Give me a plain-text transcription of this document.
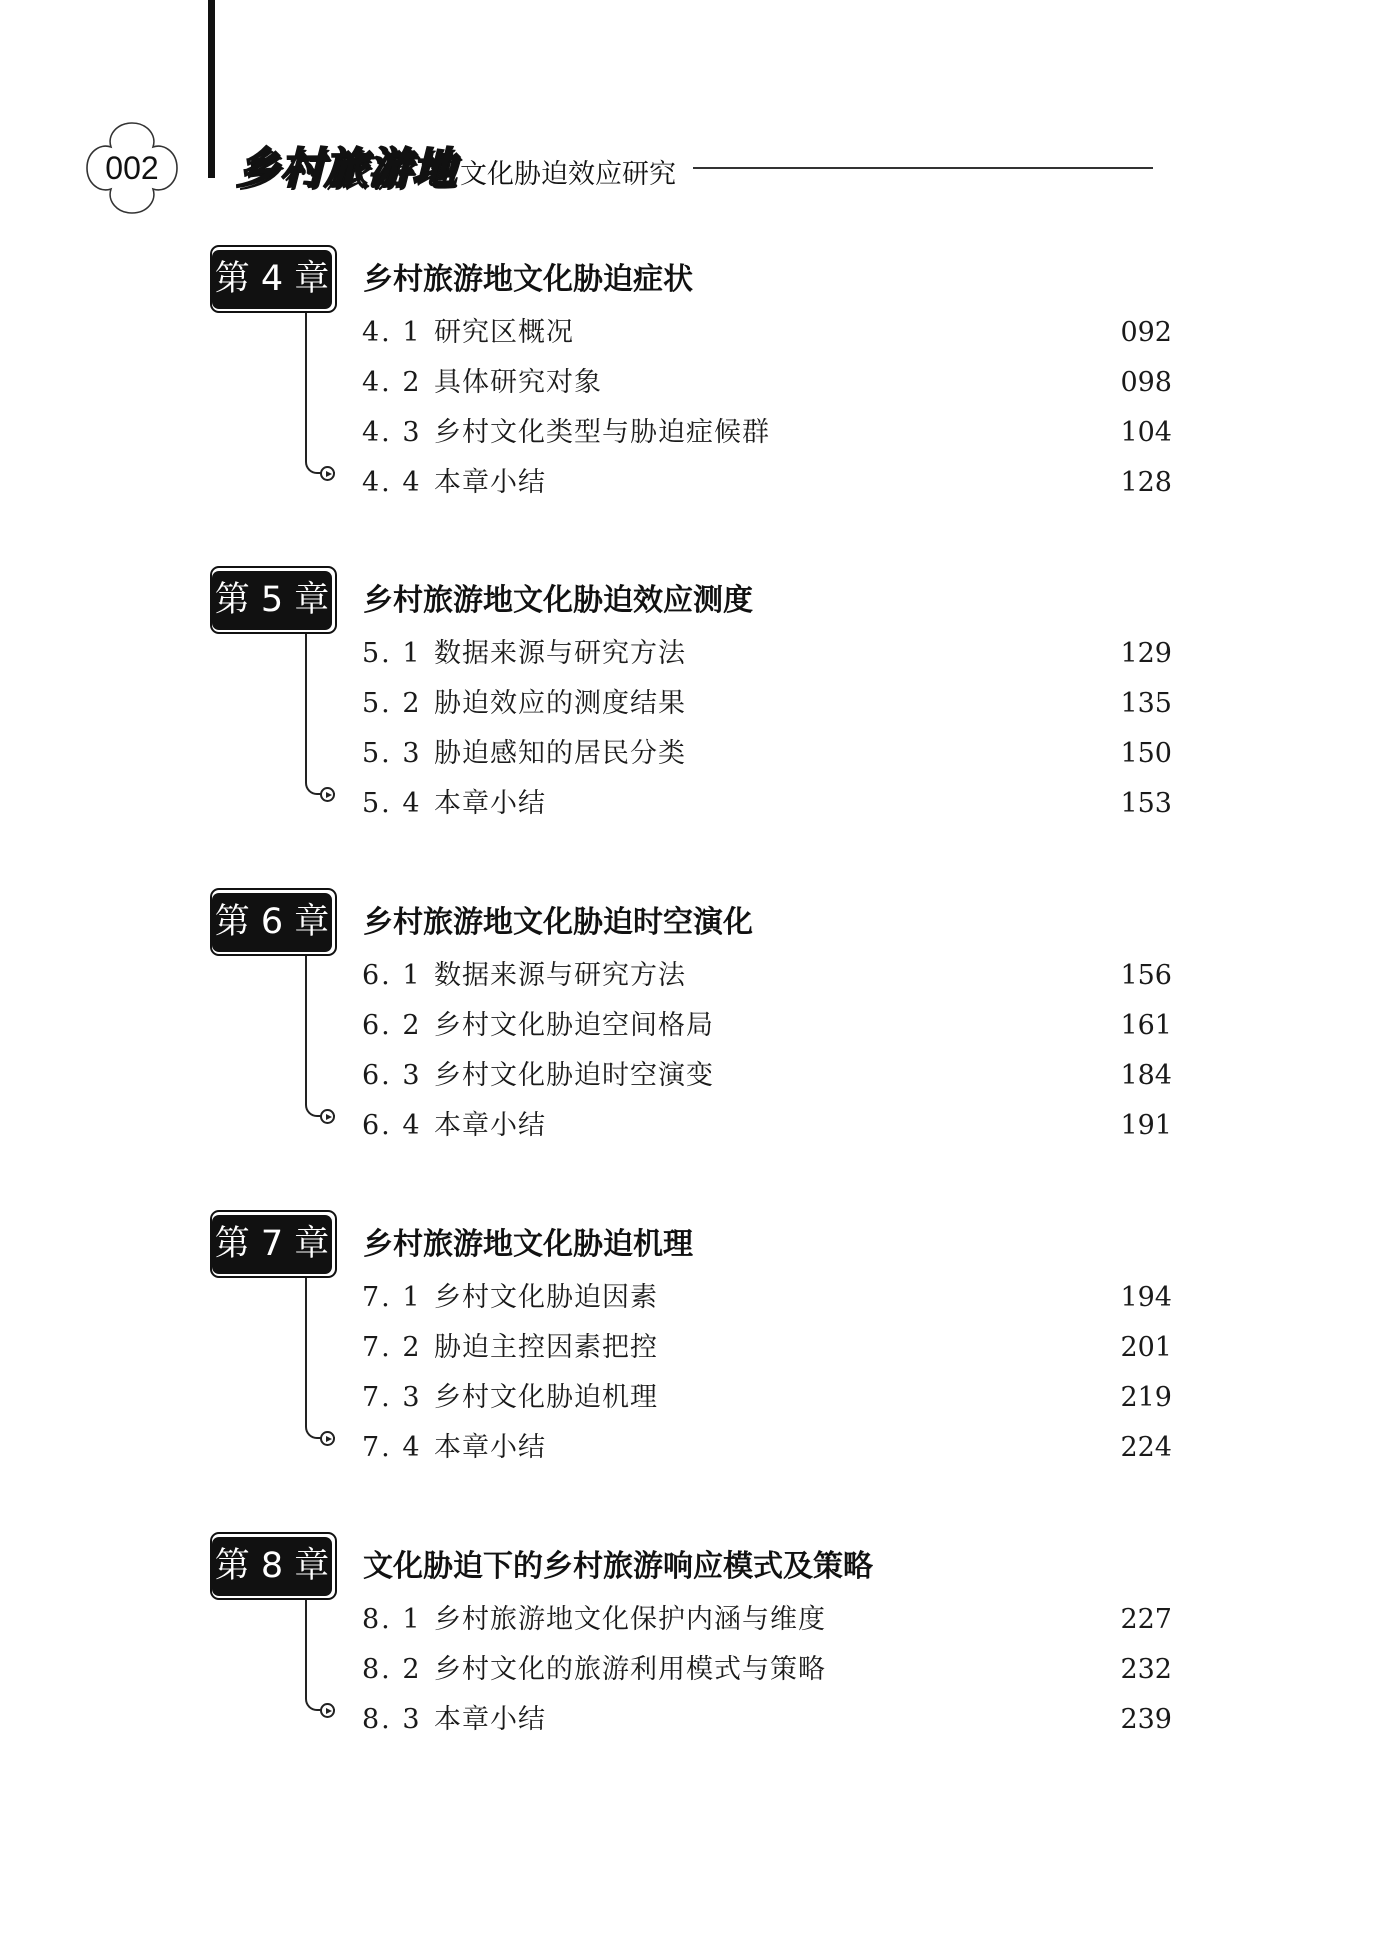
002	乡村旅游地 文化胁迫效应研究
第 4 章 乡村旅游地文化胁迫症状
4. 1 研究区概况	092
4. 2 具体研究对象	098
4. 3 乡村文化类型与胁迫症候群	104
4. 4 本章小结	128
第 5 章 乡村旅游地文化胁迫效应测度
5. 1 数据来源与研究方法	129
5. 2 胁迫效应的测度结果	135
5. 3 胁迫感知的居民分类	150
5. 4 本章小结	153
第 6 章 乡村旅游地文化胁迫时空演化
6. 1 数据来源与研究方法	156
6. 2 乡村文化胁迫空间格局	161
6. 3 乡村文化胁迫时空演变	184
6. 4 本章小结	191
第 7 章 乡村旅游地文化胁迫机理
7. 1 乡村文化胁迫因素	194
7. 2 胁迫主控因素把控	201
7. 3 乡村文化胁迫机理	219
7. 4 本章小结	224
第 8 章 文化胁迫下的乡村旅游响应模式及策略
8. 1 乡村旅游地文化保护内涵与维度	227
8. 2 乡村文化的旅游利用模式与策略	232
8. 3 本章小结	239
